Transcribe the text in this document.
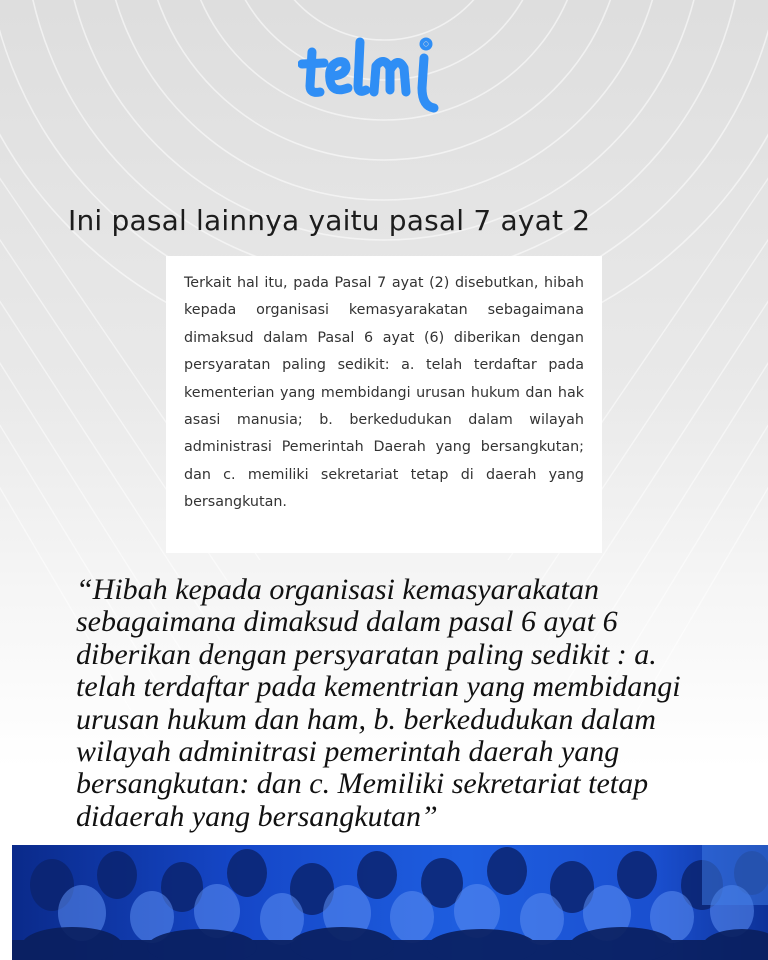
Ini pasal lainnya yaitu pasal 7 ayat 2

Terkait hal itu, pada Pasal 7 ayat (2) disebutkan, hibah kepada organisasi kemasyarakatan sebagaimana dimaksud dalam Pasal 6 ayat (6) diberikan dengan persyaratan paling sedikit: a. telah terdaftar pada kementerian yang membidangi urusan hukum dan hak asasi manusia; b. berkedudukan dalam wilayah administrasi Pemerintah Daerah yang bersangkutan; dan c. memiliki sekretariat tetap di daerah yang bersangkutan.

“Hibah kepada organisasi kemasyarakatan sebagaimana dimaksud dalam pasal 6 ayat 6 diberikan dengan persyaratan paling sedikit : a. telah terdaftar pada kementrian yang membidangi urusan hukum dan ham, b. berkedudukan dalam wilayah adminitrasi pemerintah daerah yang bersangkutan: dan c. Memiliki sekretariat tetap didaerah yang bersangkutan”
